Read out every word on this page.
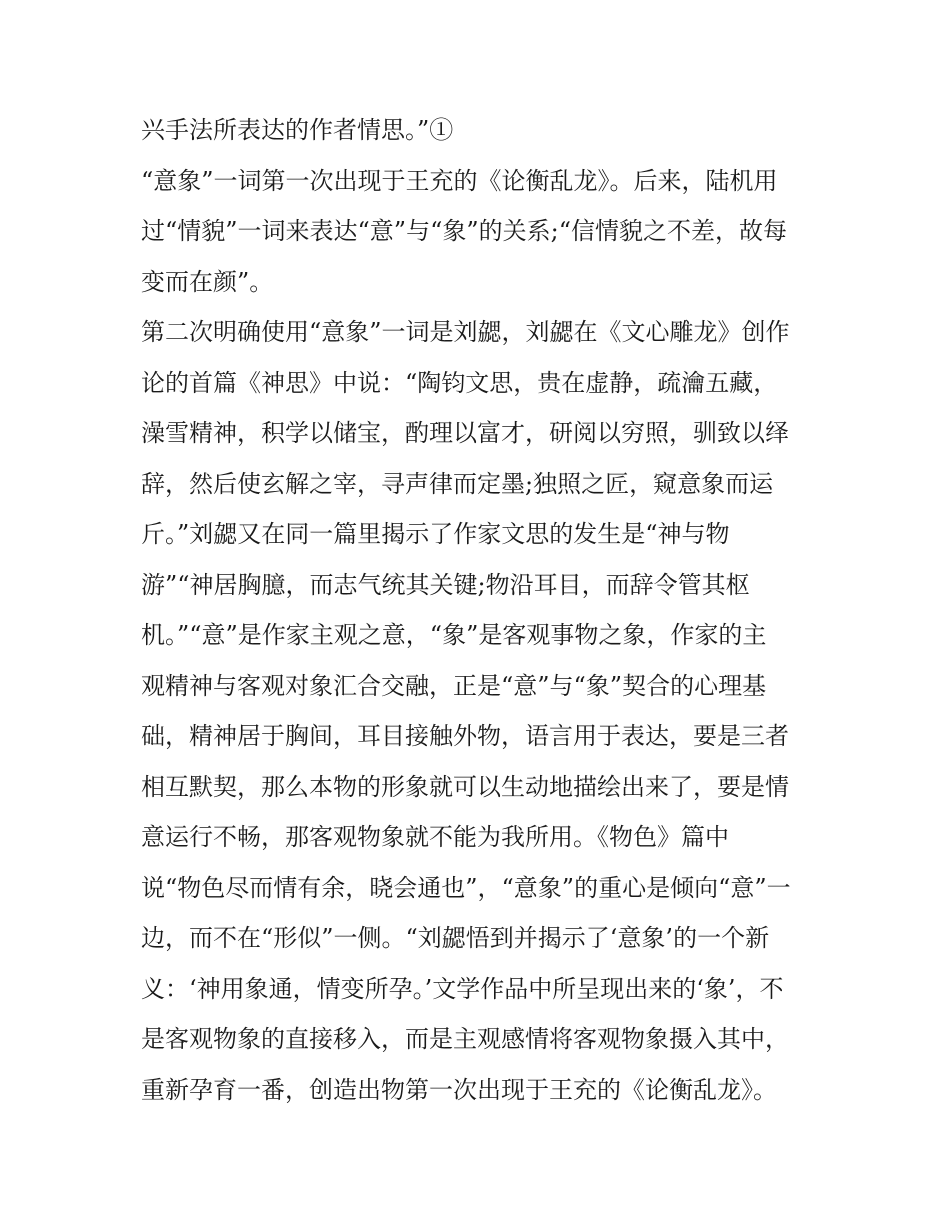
兴手法所表达的作者情思。”①
“意象”一词第一次出现于王充的《论衡乱龙》。后来，陆机用
过“情貌”一词来表达“意”与“象”的关系;“信情貌之不差，故每
变而在颜”。
第二次明确使用“意象”一词是刘勰，刘勰在《文心雕龙》创作
论的首篇《神思》中说：“陶钧文思，贵在虚静，疏瀹五藏，
澡雪精神，积学以储宝，酌理以富才，研阅以穷照，驯致以绎
辞，然后使玄解之宰，寻声律而定墨;独照之匠，窥意象而运
斤。”刘勰又在同一篇里揭示了作家文思的发生是“神与物
游”“神居胸臆，而志气统其关键;物沿耳目，而辞令管其枢
机。”“意”是作家主观之意，“象”是客观事物之象，作家的主
观精神与客观对象汇合交融，正是“意”与“象”契合的心理基
础，精神居于胸间，耳目接触外物，语言用于表达，要是三者
相互默契，那么本物的形象就可以生动地描绘出来了，要是情
意运行不畅，那客观物象就不能为我所用。《物色》篇中
说“物色尽而情有余，晓会通也”，“意象”的重心是倾向“意”一
边，而不在“形似”一侧。“刘勰悟到并揭示了‘意象’的一个新
义：‘神用象通，情变所孕。’文学作品中所呈现出来的‘象’，不
是客观物象的直接移入，而是主观感情将客观物象摄入其中，
重新孕育一番，创造出物第一次出现于王充的《论衡乱龙》。
